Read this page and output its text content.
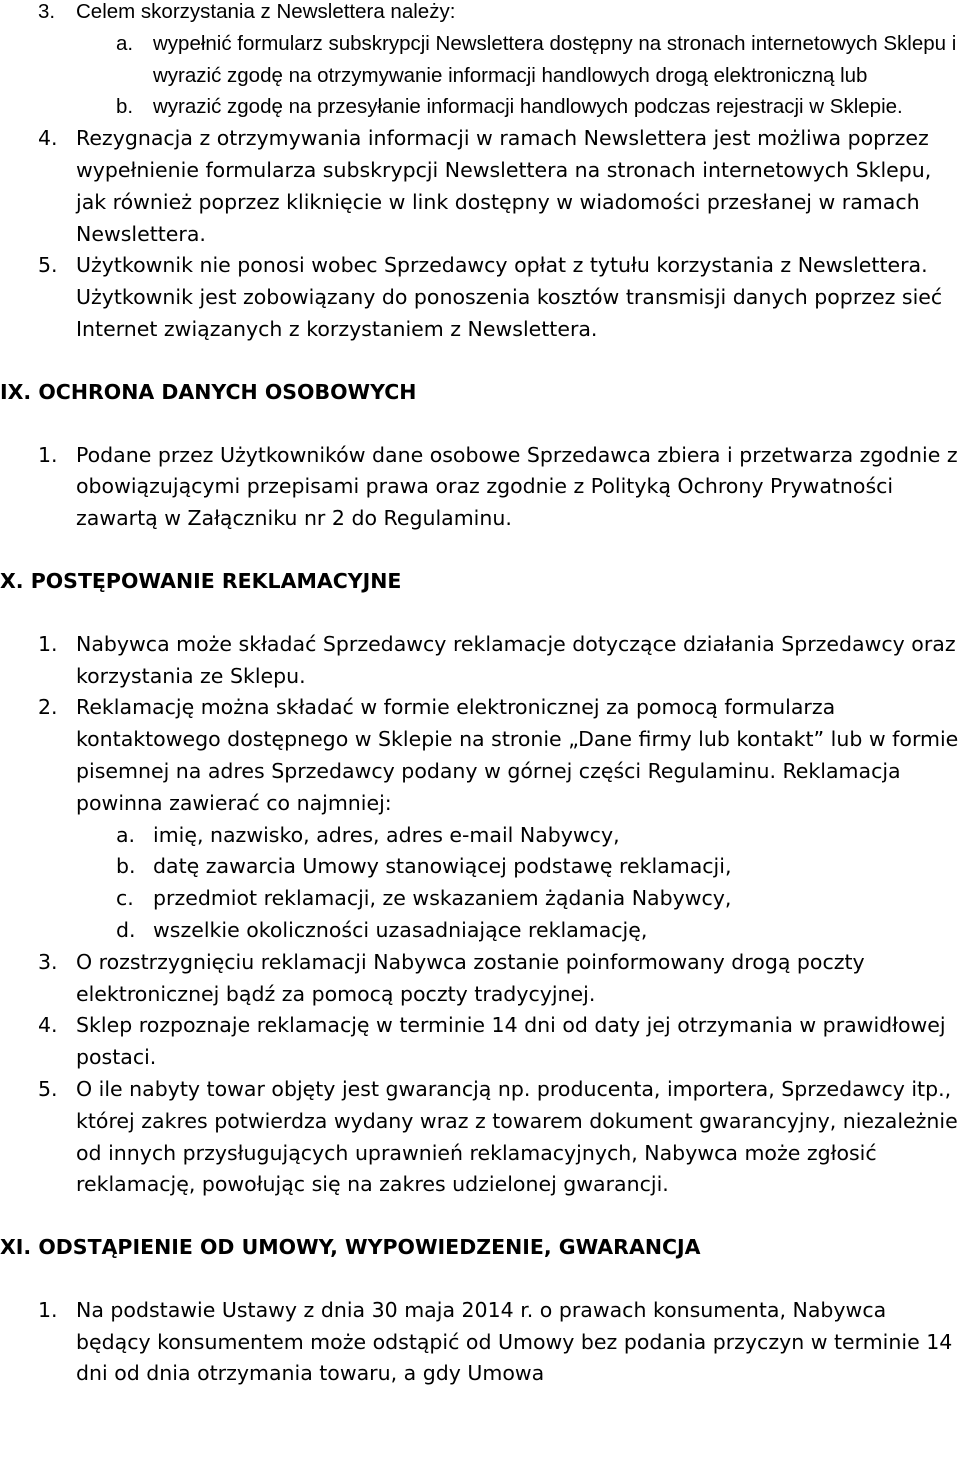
3. Celem skorzystania z Newslettera należy:
a. wypełnić formularz subskrypcji Newslettera dostępny na stronach internetowych Sklepu i wyrazić zgodę na otrzymywanie informacji handlowych drogą elektroniczną lub
b. wyrazić zgodę na przesyłanie informacji handlowych podczas rejestracji w Sklepie.
4. Rezygnacja z otrzymywania informacji w ramach Newslettera jest możliwa poprzez wypełnienie formularza subskrypcji Newslettera na stronach internetowych Sklepu, jak również poprzez kliknięcie w link dostępny w wiadomości przesłanej w ramach Newslettera.
5. Użytkownik nie ponosi wobec Sprzedawcy opłat z tytułu korzystania z Newslettera. Użytkownik jest zobowiązany do ponoszenia kosztów transmisji danych poprzez sieć Internet związanych z korzystaniem z Newslettera.
IX. OCHRONA DANYCH OSOBOWYCH
1. Podane przez Użytkowników dane osobowe Sprzedawca zbiera i przetwarza zgodnie z obowiązującymi przepisami prawa oraz zgodnie z Polityką Ochrony Prywatności zawartą w Załączniku nr 2 do Regulaminu.
X. POSTĘPOWANIE REKLAMACYJNE
1. Nabywca może składać Sprzedawcy reklamacje dotyczące działania Sprzedawcy oraz korzystania ze Sklepu.
2. Reklamację można składać w formie elektronicznej za pomocą formularza kontaktowego dostępnego w Sklepie na stronie „Dane firmy lub kontakt” lub w formie pisemnej na adres Sprzedawcy podany w górnej części Regulaminu. Reklamacja powinna zawierać co najmniej:
a. imię, nazwisko, adres, adres e-mail Nabywcy,
b. datę zawarcia Umowy stanowiącej podstawę reklamacji,
c. przedmiot reklamacji, ze wskazaniem żądania Nabywcy,
d. wszelkie okoliczności uzasadniające reklamację,
3. O rozstrzygnięciu reklamacji Nabywca zostanie poinformowany drogą poczty elektronicznej bądź za pomocą poczty tradycyjnej.
4. Sklep rozpoznaje reklamację w terminie 14 dni od daty jej otrzymania w prawidłowej postaci.
5. O ile nabyty towar objęty jest gwarancją np. producenta, importera, Sprzedawcy itp., której zakres potwierdza wydany wraz z towarem dokument gwarancyjny, niezależnie od innych przysługujących uprawnień reklamacyjnych, Nabywca może zgłosić reklamację, powołując się na zakres udzielonej gwarancji.
XI. ODSTĄPIENIE OD UMOWY, WYPOWIEDZENIE, GWARANCJA
1. Na podstawie Ustawy z dnia 30 maja 2014 r. o prawach konsumenta, Nabywca będący konsumentem może odstąpić od Umowy bez podania przyczyn w terminie 14 dni od dnia otrzymania towaru, a gdy Umowa
